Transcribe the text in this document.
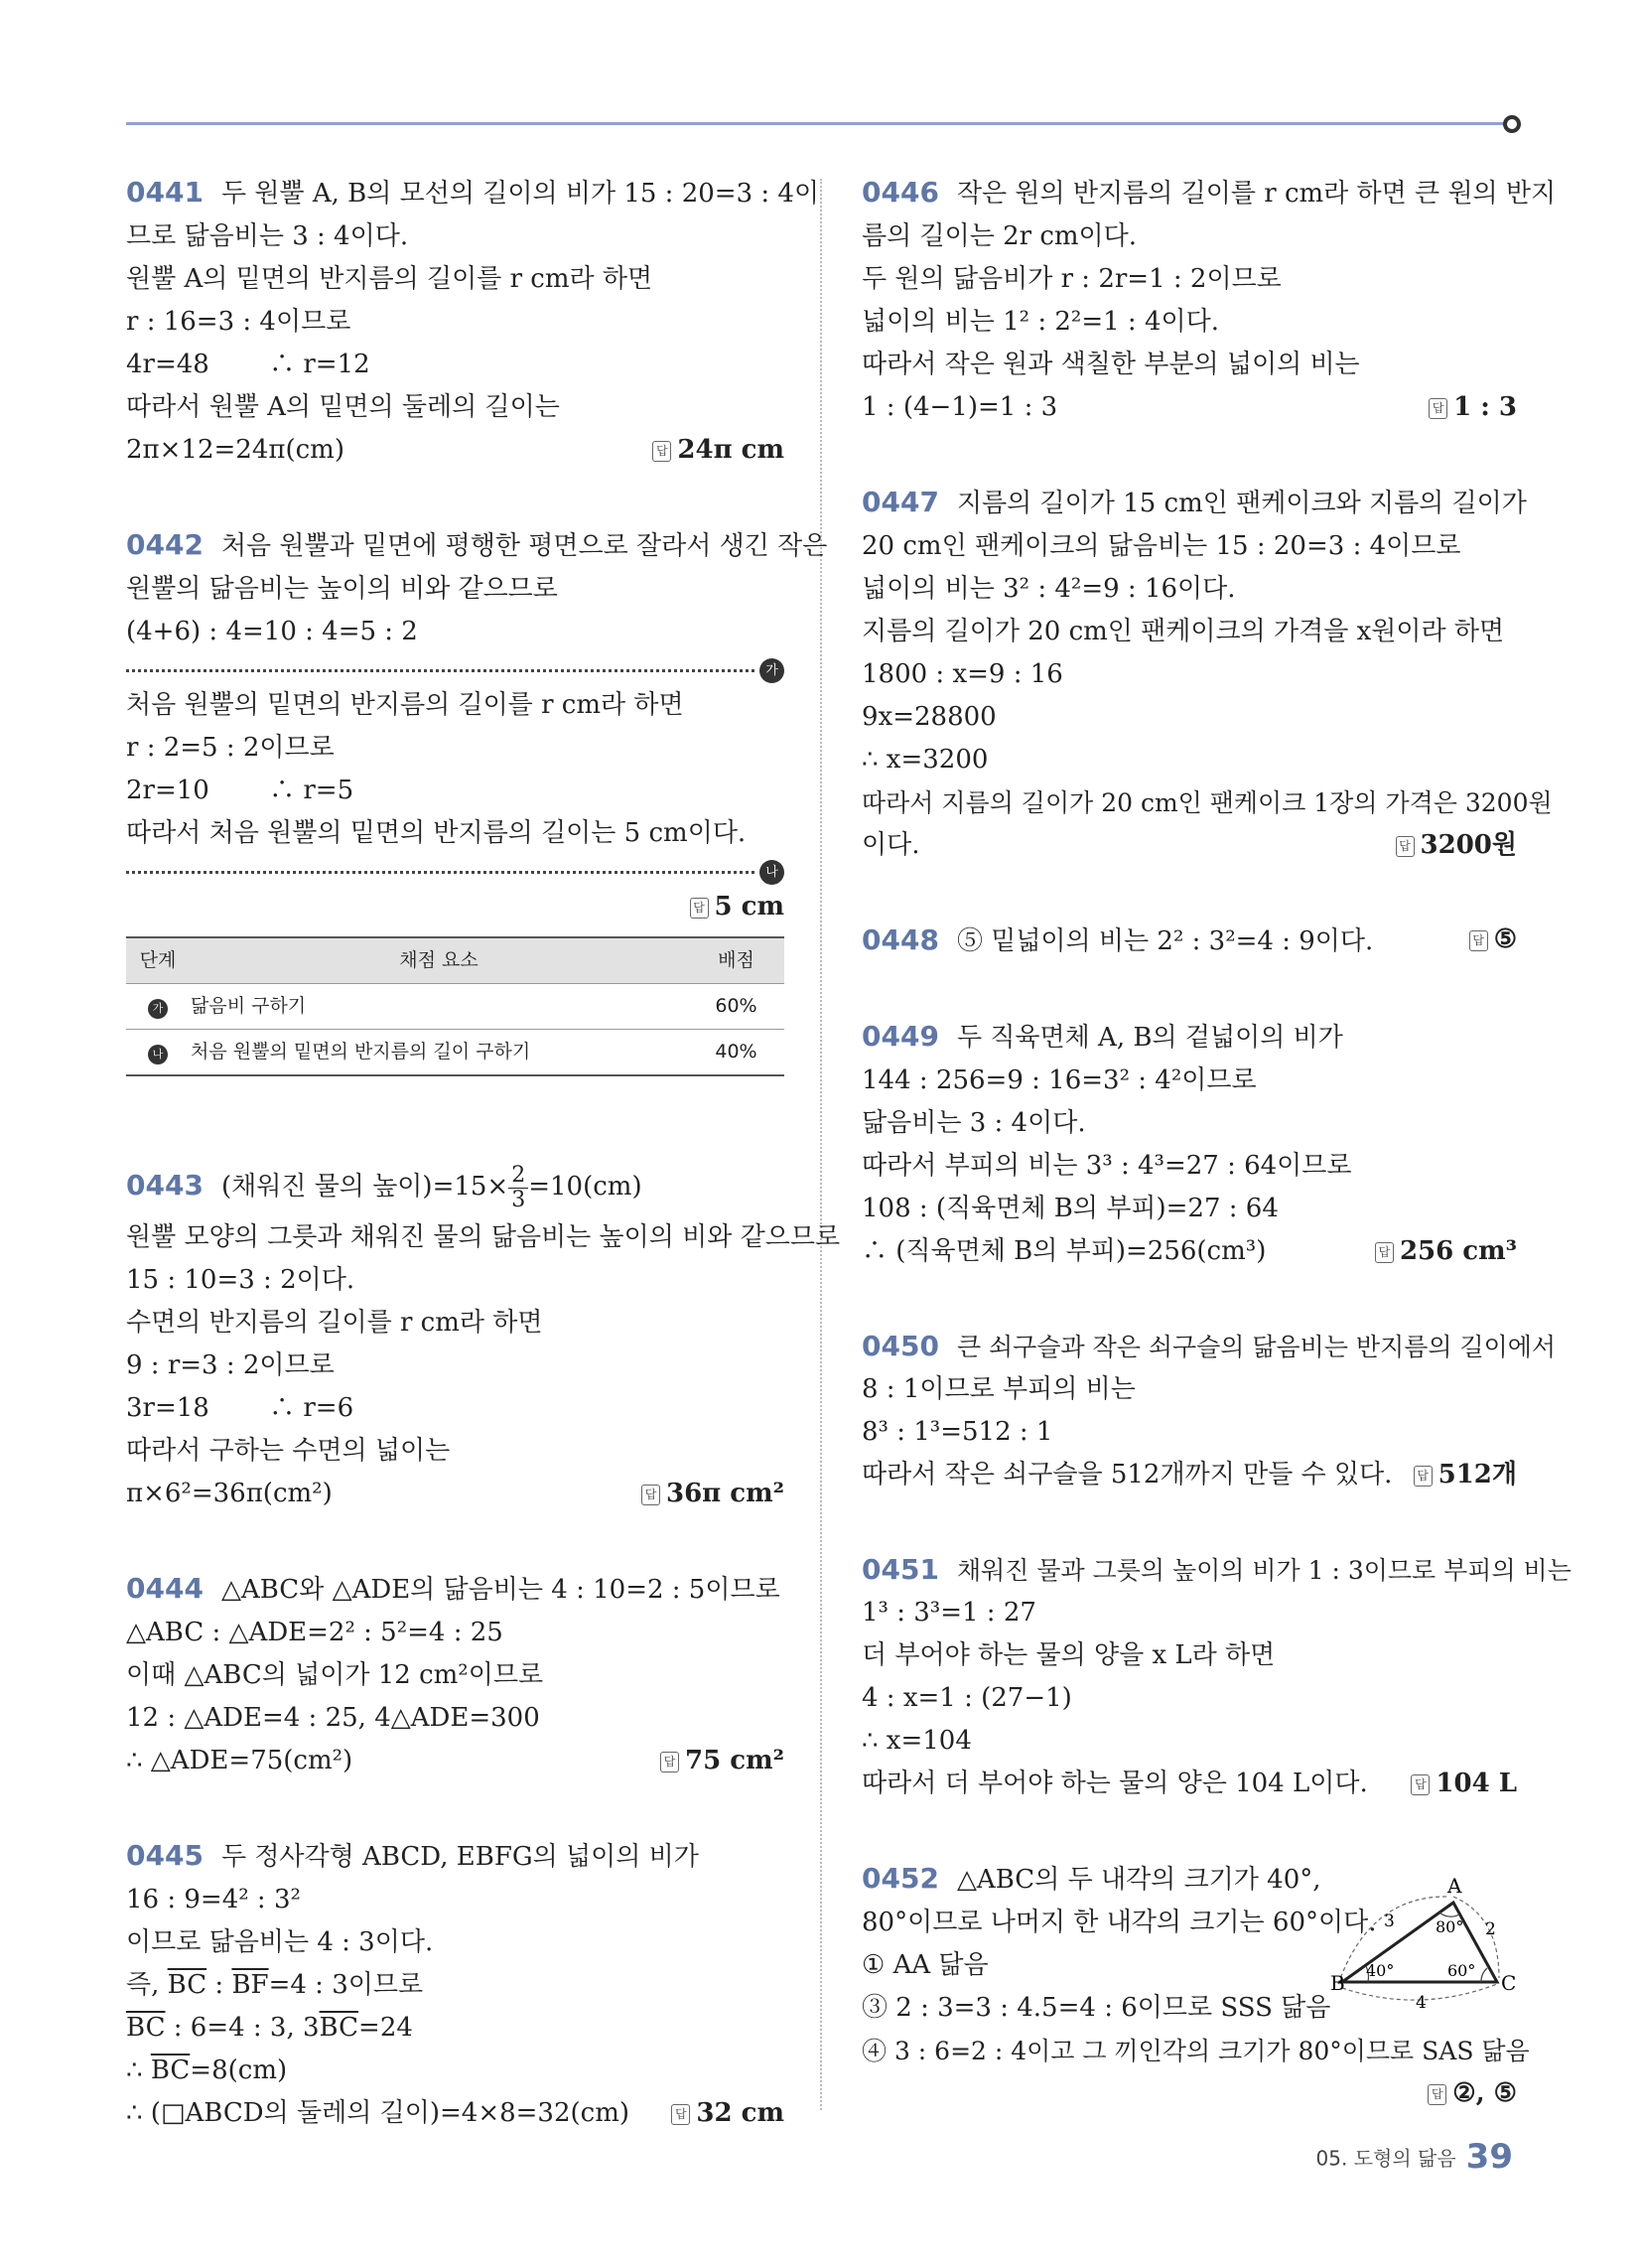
0441 두 원뿔 A, B의 모선의 길이의 비가 15 : 20=3 : 4이
므로 닮음비는 3 : 4이다.
원뿔 A의 밑면의 반지름의 길이를 r cm라 하면
r : 16=3 : 4이므로
4r=48 　　∴ r=12
따라서 원뿔 A의 밑면의 둘레의 길이는
2π×12=24π(cm)	답 24π cm
0442 처음 원뿔과 밑면에 평행한 평면으로 잘라서 생긴 작은
원뿔의 닮음비는 높이의 비와 같으므로
(4+6) : 4=10 : 4=5 : 2
가
처음 원뿔의 밑면의 반지름의 길이를 r cm라 하면
r : 2=5 : 2이므로
2r=10 　　∴ r=5
따라서 처음 원뿔의 밑면의 반지름의 길이는 5 cm이다.
나
답 5 cm
단계	채점 요소	배점
가	닮음비 구하기	60%
나	처음 원뿔의 밑면의 반지름의 길이 구하기	40%
0443 (채워진 물의 높이)$=15\times \frac{2}{3} =10(cm)$
원뿔 모양의 그릇과 채워진 물의 닮음비는 높이의 비와 같으므로
15 : 10=3 : 2이다.
수면의 반지름의 길이를 r cm라 하면
9 : r=3 : 2이므로
3r=18 　　∴ r=6
따라서 구하는 수면의 넓이는
π×6²=36π(cm²)	답 36π cm²
0444 △ABC와 △ADE의 닮음비는 4 : 10=2 : 5이므로
△ABC : △ADE=2² : 5²=4 : 25
이때 △ABC의 넓이가 12 cm²이므로
12 : △ADE=4 : 25, 4△ADE=300
∴ △ADE=75(cm²)	답 75 cm²
0445 두 정사각형 ABCD, EBFG의 넓이의 비가
16 : 9=4² : 3²
이므로 닮음비는 4 : 3이다.
즉, $\overline{BC}$ : $\overline{BF}=4$ : 3이므로
$\overline{BC}$ : 6=4 : 3, $3\overline{BC}=24$
∴ $\overline{BC}=8(cm)$
∴ (□ABCD의 둘레의 길이)=4×8=32(cm)	답 32 cm
0446 작은 원의 반지름의 길이를 r cm라 하면 큰 원의 반지
름의 길이는 2r cm이다.
두 원의 닮음비가 r : 2r=1 : 2이므로
넓이의 비는 1² : 2²=1 : 4이다.
따라서 작은 원과 색칠한 부분의 넓이의 비는
1 : (4−1)=1 : 3	답 1 : 3
0447 지름의 길이가 15 cm인 팬케이크와 지름의 길이가
20 cm인 팬케이크의 닮음비는 15 : 20=3 : 4이므로
넓이의 비는 3² : 4²=9 : 16이다.
지름의 길이가 20 cm인 팬케이크의 가격을 x원이라 하면
1800 : x=9 : 16
9x=28800
∴ x=3200
따라서 지름의 길이가 20 cm인 팬케이크 1장의 가격은 3200원
이다.	답 3200원
0448 ⑤ 밑넓이의 비는 2² : 3²=4 : 9이다.	답 ⑤
0449 두 직육면체 A, B의 겉넓이의 비가
144 : 256=9 : 16=3² : 4²이므로
닮음비는 3 : 4이다.
따라서 부피의 비는 3³ : 4³=27 : 64이므로
108 : (직육면체 B의 부피)=27 : 64
∴ (직육면체 B의 부피)=256(cm³)	답 256 cm³
0450 큰 쇠구슬과 작은 쇠구슬의 닮음비는 반지름의 길이에서
8 : 1이므로 부피의 비는
8³ : 1³=512 : 1
따라서 작은 쇠구슬을 512개까지 만들 수 있다.	답 512개
0451 채워진 물과 그릇의 높이의 비가 1 : 3이므로 부피의 비는
1³ : 3³=1 : 27
더 부어야 하는 물의 양을 x L라 하면
4 : x=1 : (27−1)
∴ x=104
따라서 더 부어야 하는 물의 양은 104 L이다.	답 104 L
0452 △ABC의 두 내각의 크기가 40°,
80°이므로 나머지 한 내각의 크기는 60°이다.
① AA 닮음
③ 2 : 3=3 : 4.5=4 : 6이므로 SSS 닮음
④ 3 : 6=2 : 4이고 그 끼인각의 크기가 80°이므로 SAS 닮음
답 ②, ⑤
A
B	C
80°
40°	60°
3	2
4
05. 도형의 닮음 39
